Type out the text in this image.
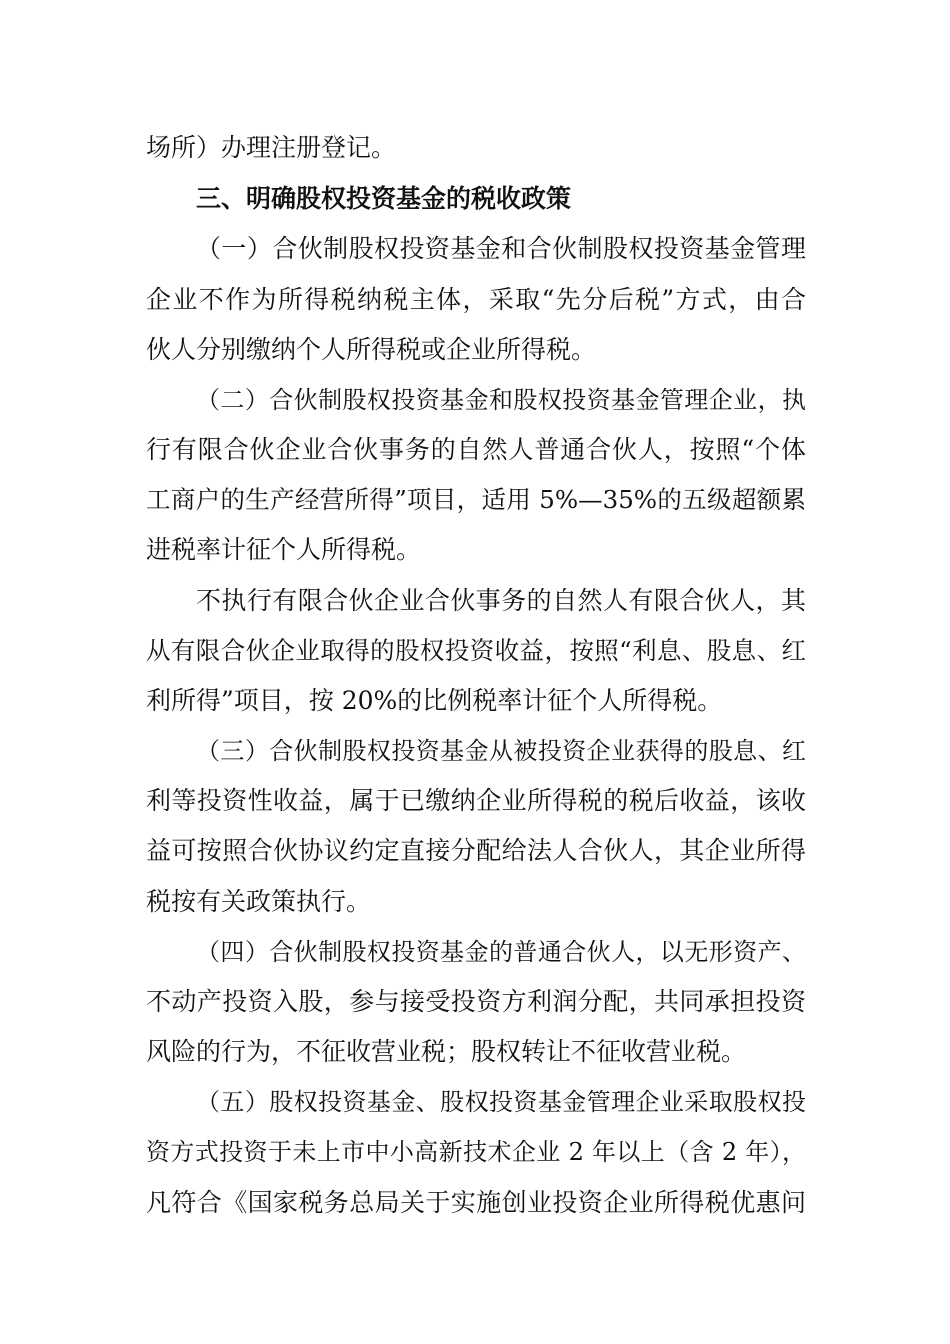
场所）办理注册登记。
三、明确股权投资基金的税收政策
（一）合伙制股权投资基金和合伙制股权投资基金管理
企业不作为所得税纳税主体，采取“先分后税”方式，由合
伙人分别缴纳个人所得税或企业所得税。
（二）合伙制股权投资基金和股权投资基金管理企业，执
行有限合伙企业合伙事务的自然人普通合伙人，按照“个体
工商户的生产经营所得”项目，适用 5%—35%的五级超额累
进税率计征个人所得税。
不执行有限合伙企业合伙事务的自然人有限合伙人，其
从有限合伙企业取得的股权投资收益，按照“利息、股息、红
利所得”项目，按 20%的比例税率计征个人所得税。
（三）合伙制股权投资基金从被投资企业获得的股息、红
利等投资性收益，属于已缴纳企业所得税的税后收益，该收
益可按照合伙协议约定直接分配给法人合伙人，其企业所得
税按有关政策执行。
（四）合伙制股权投资基金的普通合伙人，以无形资产、
不动产投资入股，参与接受投资方利润分配，共同承担投资
风险的行为，不征收营业税；股权转让不征收营业税。
（五）股权投资基金、股权投资基金管理企业采取股权投
资方式投资于未上市中小高新技术企业 2 年以上（含 2 年），
凡符合《国家税务总局关于实施创业投资企业所得税优惠问
